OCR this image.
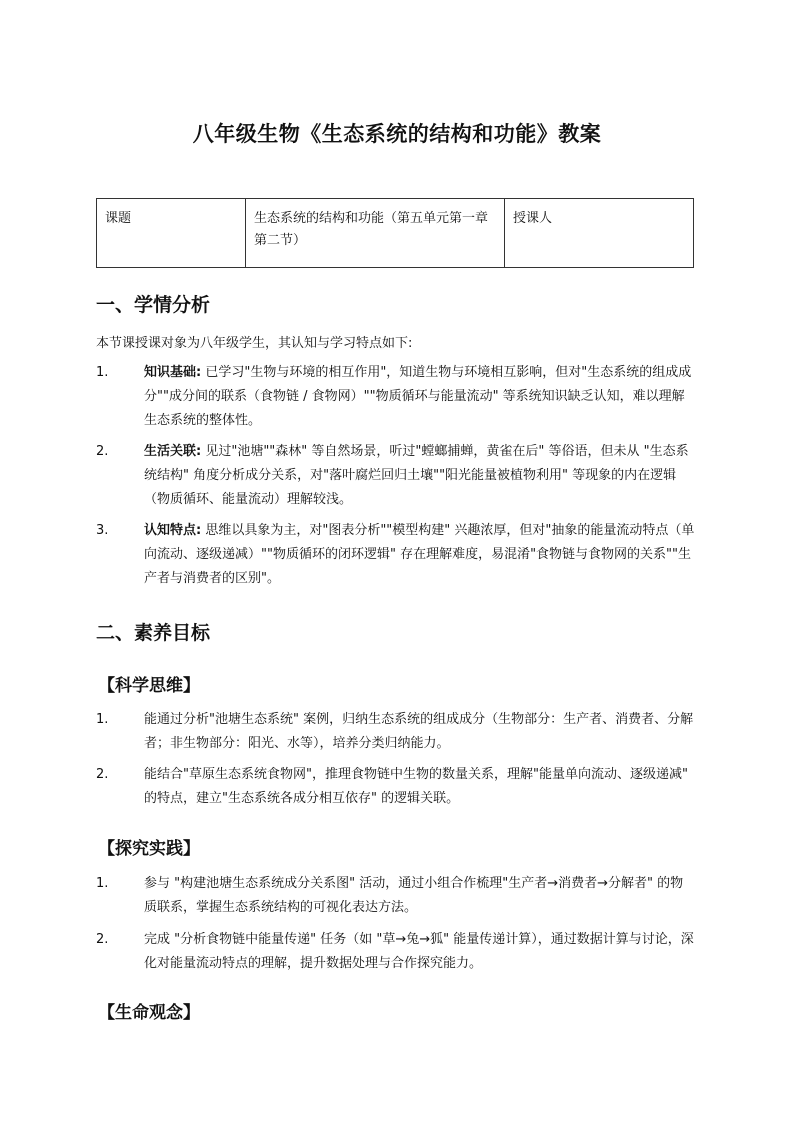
八年级生物《生态系统的结构和功能》教案
课题	生态系统的结构和功能（第五单元第一章第二节）	授课人
一、学情分析
本节课授课对象为八年级学生，其认知与学习特点如下:
1.	知识基础: 已学习"生物与环境的相互作用"，知道生物与环境相互影响，但对"生态系统的组成成分""成分间的联系（食物链 / 食物网）""物质循环与能量流动" 等系统知识缺乏认知，难以理解生态系统的整体性。
2.	生活关联: 见过"池塘""森林" 等自然场景，听过"螳螂捕蝉，黄雀在后" 等俗语，但未从 "生态系统结构" 角度分析成分关系，对"落叶腐烂回归土壤""阳光能量被植物利用" 等现象的内在逻辑（物质循环、能量流动）理解较浅。
3.	认知特点: 思维以具象为主，对"图表分析""模型构建" 兴趣浓厚，但对"抽象的能量流动特点（单向流动、逐级递减）""物质循环的闭环逻辑" 存在理解难度，易混淆"食物链与食物网的关系""生产者与消费者的区别"。
二、素养目标
【科学思维】
1.	能通过分析"池塘生态系统" 案例，归纳生态系统的组成成分（生物部分：生产者、消费者、分解者；非生物部分：阳光、水等），培养分类归纳能力。
2.	能结合"草原生态系统食物网"，推理食物链中生物的数量关系，理解"能量单向流动、逐级递减" 的特点，建立"生态系统各成分相互依存" 的逻辑关联。
【探究实践】
1.	参与 "构建池塘生态系统成分关系图" 活动，通过小组合作梳理"生产者→消费者→分解者" 的物质联系，掌握生态系统结构的可视化表达方法。
2.	完成 "分析食物链中能量传递" 任务（如 "草→兔→狐" 能量传递计算），通过数据计算与讨论，深化对能量流动特点的理解，提升数据处理与合作探究能力。
【生命观念】
